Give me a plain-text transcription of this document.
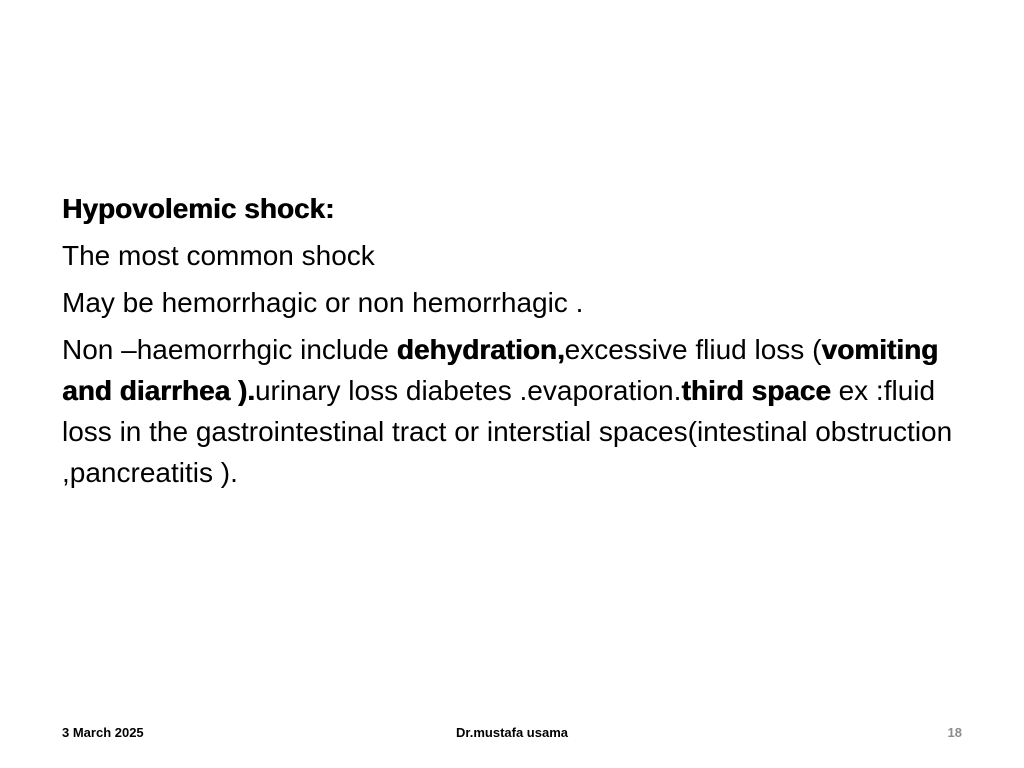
Hypovolemic shock:
The most common shock
May be hemorrhagic or non hemorrhagic .
Non –haemorrhgic include dehydration,excessive fliud loss (vomiting and diarrhea ).urinary loss diabetes .evaporation.third space ex :fluid loss in the gastrointestinal tract or interstial spaces(intestinal obstruction ,pancreatitis ).
3 March 2025	Dr.mustafa usama	18
